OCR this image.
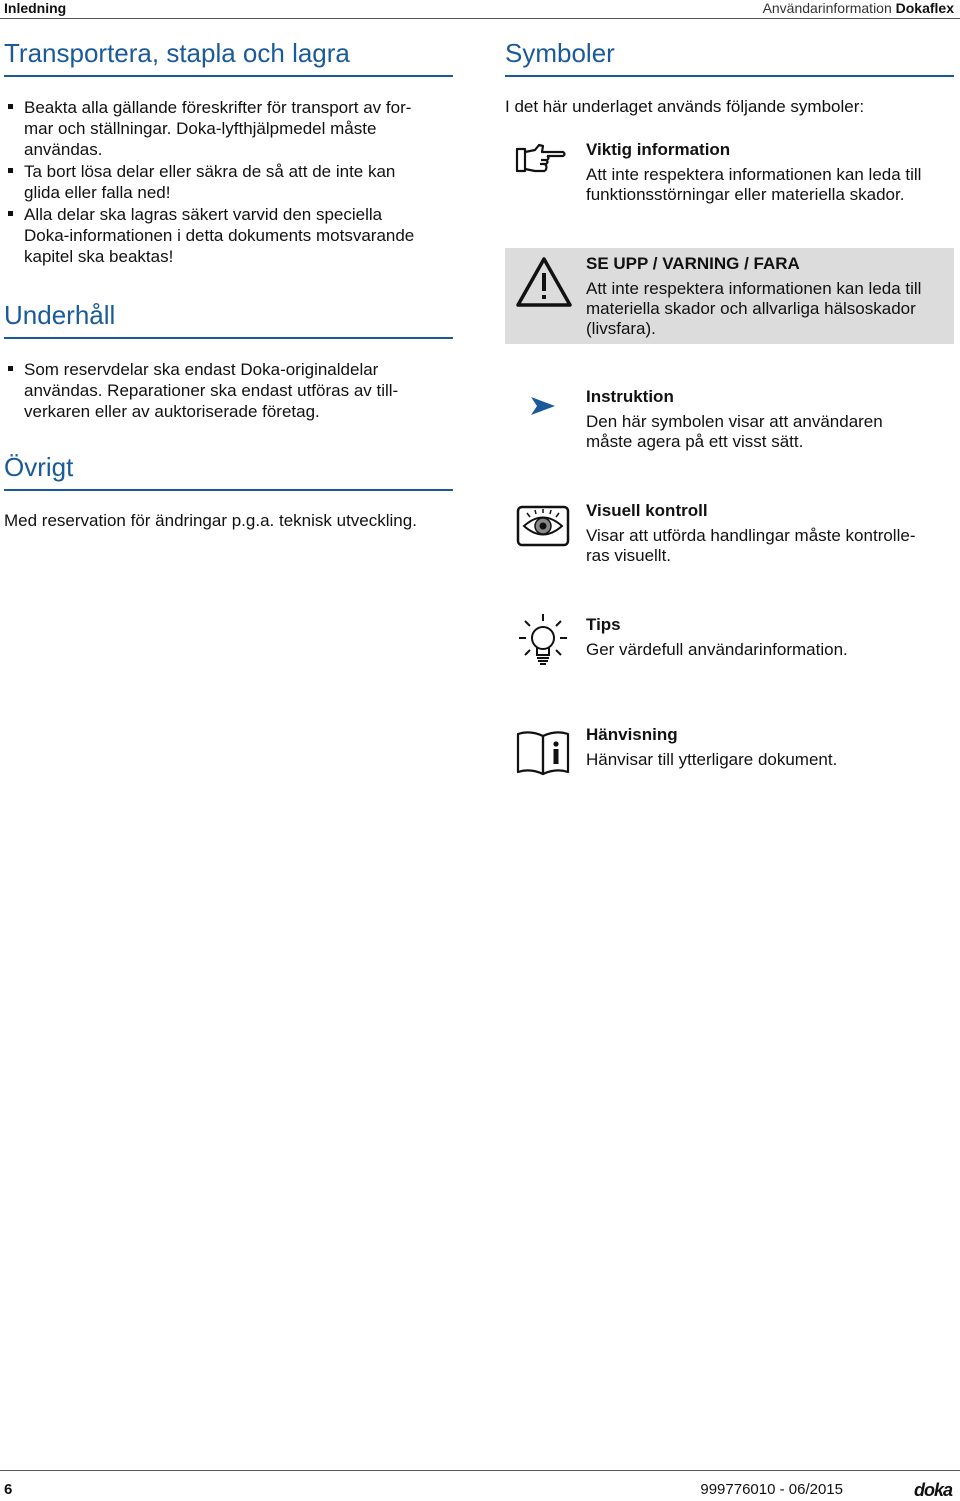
Inledning	Användarinformation Dokaflex
Transportera, stapla och lagra
Beakta alla gällande föreskrifter för transport av for-
mar och ställningar. Doka-lyfthjälpmedel måste
användas.
Ta bort lösa delar eller säkra de så att de inte kan
glida eller falla ned!
Alla delar ska lagras säkert varvid den speciella
Doka-informationen i detta dokuments motsvarande
kapitel ska beaktas!
Underhåll
Som reservdelar ska endast Doka-originaldelar
användas. Reparationer ska endast utföras av till-
verkaren eller av auktoriserade företag.
Övrigt
Med reservation för ändringar p.g.a. teknisk utveckling.
Symboler
I det här underlaget används följande symboler:
Viktig information
Att inte respektera informationen kan leda till
funktionsstörningar eller materiella skador.
SE UPP / VARNING / FARA
Att inte respektera informationen kan leda till
materiella skador och allvarliga hälsoskador
(livsfara).
Instruktion
Den här symbolen visar att användaren
måste agera på ett visst sätt.
Visuell kontroll
Visar att utförda handlingar måste kontrolle-
ras visuellt.
Tips
Ger värdefull användarinformation.
Hänvisning
Hänvisar till ytterligare dokument.
6	999776010 - 06/2015	doka
